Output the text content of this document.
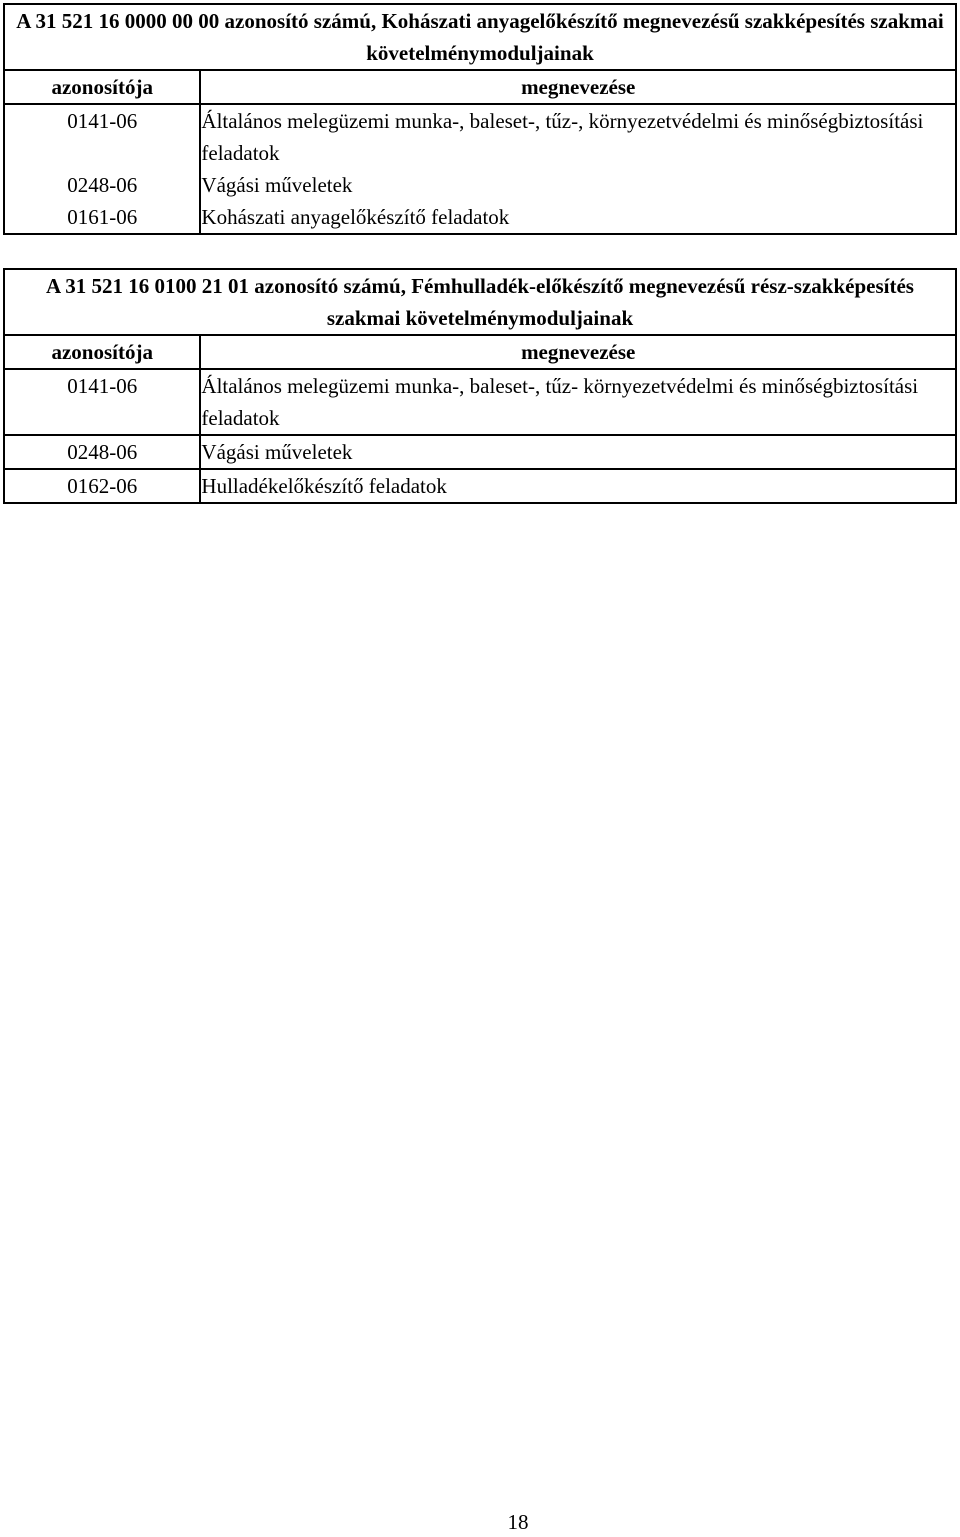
A 31 521 16 0000 00 00 azonosító számú, Kohászati anyagelőkészítő megnevezésű szakképesítés szakmai követelménymoduljainak	
azonosítója	megnevezése
0141-06	Általános melegüzemi munka-, baleset-, tűz-, környezetvédelmi és minőségbiztosítási feladatok
0248-06	Vágási műveletek
0161-06	Kohászati anyagelőkészítő feladatok
A 31 521 16 0100 21 01 azonosító számú, Fémhulladék-előkészítő megnevezésű rész-szakképesítés szakmai követelménymoduljainak	
azonosítója	megnevezése
0141-06	Általános melegüzemi munka-, baleset-, tűz- környezetvédelmi és minőségbiztosítási feladatok
0248-06	Vágási műveletek
0162-06	Hulladékelőkészítő feladatok
18
